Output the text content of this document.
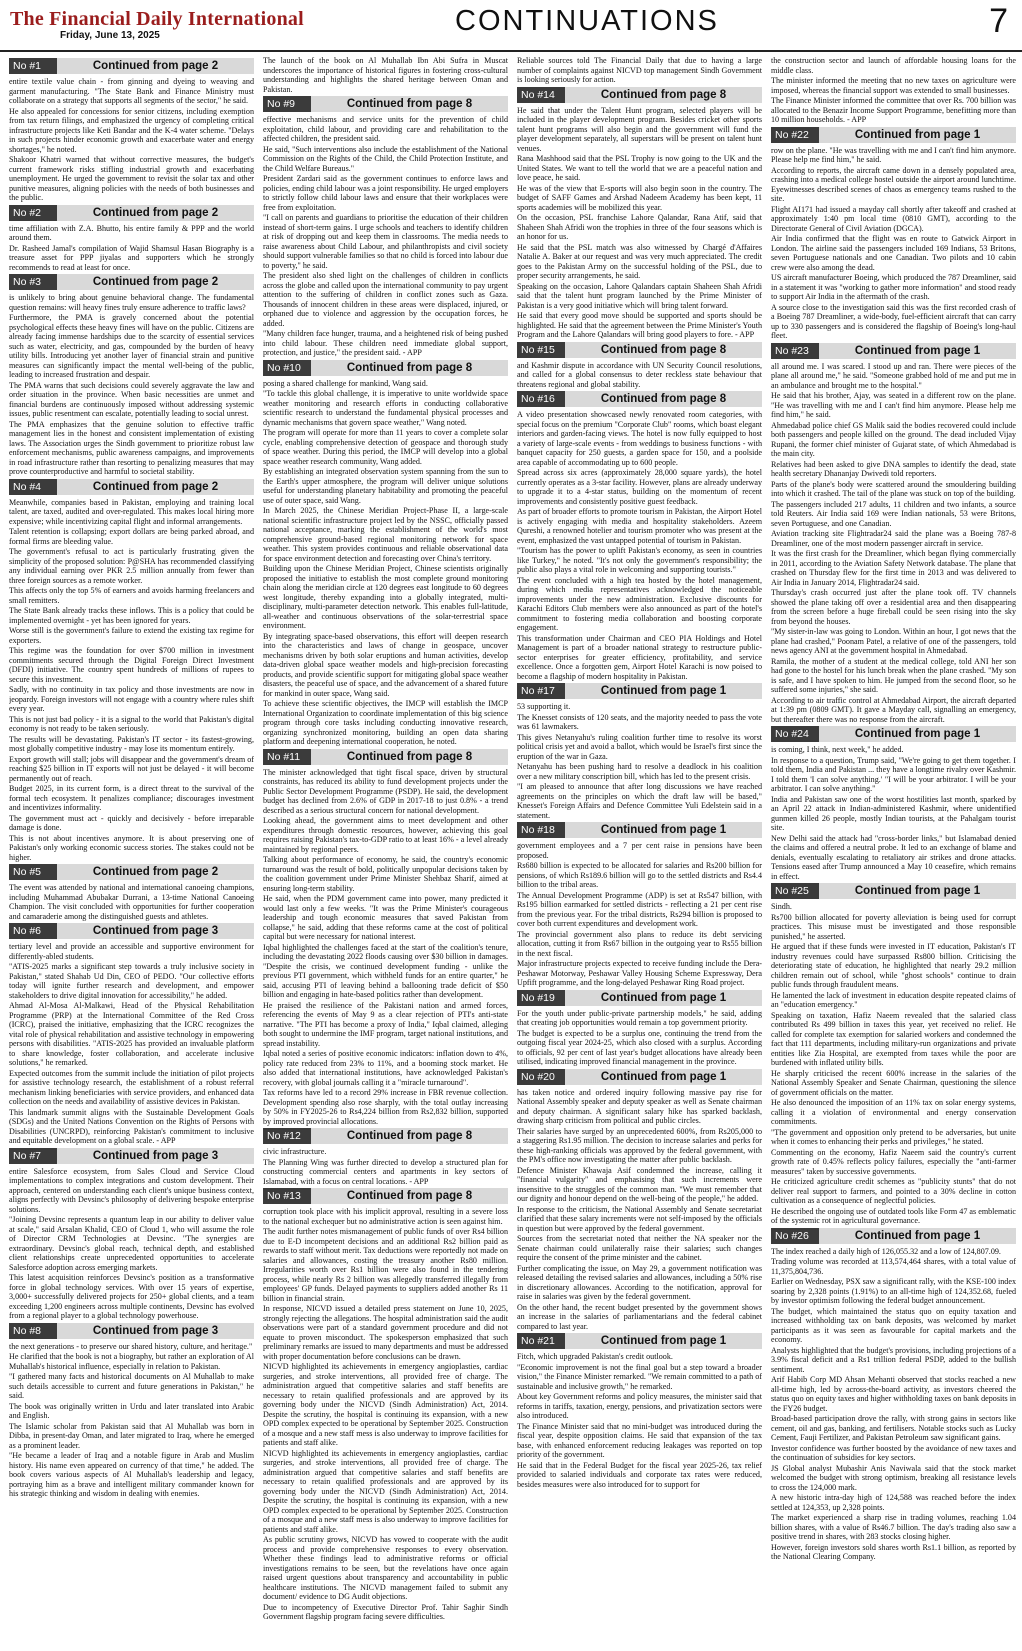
The Financial Daily International
Friday, June 13, 2025	CONTINUATIONS	7
No #1	Continued from page 2

entire textile value chain - from ginning and dyeing to weaving and garment manufacturing. "The State Bank and Finance Ministry must collaborate on a strategy that supports all segments of the sector," he said.

He also appealed for concessions for senior citizens, including exemption from tax return filings, and emphasized the urgency of completing critical infrastructure projects like Keti Bandar and the K-4 water scheme. "Delays in such projects hinder economic growth and exacerbate water and energy shortages," he noted.

Shakoor Khatri warned that without corrective measures, the budget's current framework risks stifling industrial growth and exacerbating unemployment. He urged the government to revisit the solar tax and other punitive measures, aligning policies with the needs of both businesses and the public.

No #2	Continued from page 2

time affiliation with Z.A. Bhutto, his entire family & PPP and the world around them.

Dr. Rasheed Jamal's compilation of Wajid Shamsul Hasan Biography is a treasure asset for PPP jiyalas and supporters which he strongly recommends to read at least for once.

No #3	Continued from page 2

is unlikely to bring about genuine behavioral change. The fundamental question remains: will heavy fines truly ensure adherence to traffic laws?

Furthermore, the PMA is gravely concerned about the potential psychological effects these heavy fines will have on the public. Citizens are already facing immense hardships due to the scarcity of essential services such as water, electricity, and gas, compounded by the burden of heavy utility bills. Introducing yet another layer of financial strain and punitive measures can significantly impact the mental well-being of the public, leading to increased frustration and despair.

The PMA warns that such decisions could severely aggravate the law and order situation in the province. When basic necessities are unmet and financial burdens are continuously imposed without addressing systemic issues, public resentment can escalate, potentially leading to social unrest.

The PMA emphasizes that the genuine solution to effective traffic management lies in the honest and consistent implementation of existing laws. The Association urges the Sindh government to prioritize robust law enforcement mechanisms, public awareness campaigns, and improvements in road infrastructure rather than resorting to penalizing measures that may prove counterproductive and harmful to societal stability.

No #4	Continued from page 2

Meanwhile, companies based in Pakistan, employing and training local talent, are taxed, audited and over-regulated. This makes local hiring more expensive; while incentivizing capital flight and informal arrangements.

Talent retention is collapsing; export dollars are being parked abroad, and formal firms are bleeding value.

The government's refusal to act is particularly frustrating given the simplicity of the proposed solution: P@SHA has recommended classifying any individual earning over PKR 2.5 million annually from fewer than three foreign sources as a remote worker.

This affects only the top 5% of earners and avoids harming freelancers and small remitters.

The State Bank already tracks these inflows. This is a policy that could be implemented overnight - yet has been ignored for years.

Worse still is the government's failure to extend the existing tax regime for exporters.

This regime was the foundation for over $700 million in investment commitments secured through the Digital Foreign Direct Investment (DFDI) initiative. The country spent hundreds of millions of rupees to secure this investment.

Sadly, with no continuity in tax policy and those investments are now in jeopardy. Foreign investors will not engage with a country where rules shift every year.

This is not just bad policy - it is a signal to the world that Pakistan's digital economy is not ready to be taken seriously.

The results will be devastating. Pakistan's IT sector - its fastest-growing, most globally competitive industry - may lose its momentum entirely.

Export growth will stall; jobs will disappear and the government's dream of reaching $25 billion in IT exports will not just be delayed - it will become permanently out of reach.

Budget 2025, in its current form, is a direct threat to the survival of the formal tech ecosystem. It penalizes compliance; discourages investment and incentivizes informality.

The government must act - quickly and decisively - before irreparable damage is done.

This is not about incentives anymore. It is about preserving one of Pakistan's only working economic success stories. The stakes could not be higher.

No #5	Continued from page 2

The event was attended by national and international canoeing champions, including Muhammad Abubakar Durrani, a 13-time National Canoeing Champion. The visit concluded with opportunities for further cooperation and camaraderie among the distinguished guests and athletes.

No #6	Continued from page 3

tertiary level and provide an accessible and supportive environment for differently-abled students.

"ATIS-2025 marks a significant step towards a truly inclusive society in Pakistan," stated Shahab Ud Din, CEO of PEDO. "Our collective efforts today will ignite further research and development, and empower stakeholders to drive digital innovation for accessibility," he added.

Ahmad Al-Mosa Al-Malkawi, Head of the Physical Rehabilitation Programme (PRP) at the International Committee of the Red Cross (ICRC), praised the initiative, emphasizing that the ICRC recognizes the vital role of physical rehabilitation and assistive technology in empowering persons with disabilities. "ATIS-2025 has provided an invaluable platform to share knowledge, foster collaboration, and accelerate inclusive solutions," he remarked.

Expected outcomes from the summit include the initiation of pilot projects for assistive technology research, the establishment of a robust referral mechanism linking beneficiaries with service providers, and enhanced data collection on the needs and availability of assistive devices in Pakistan.

This landmark summit aligns with the Sustainable Development Goals (SDGs) and the United Nations Convention on the Rights of Persons with Disabilities (UNCRPD), reinforcing Pakistan's commitment to inclusive and equitable development on a global scale. - APP

No #7	Continued from page 3

entire Salesforce ecosystem, from Sales Cloud and Service Cloud implementations to complex integrations and custom development. Their approach, centered on understanding each client's unique business context, aligns perfectly with Devsinc's philosophy of delivering bespoke enterprise solutions.

"Joining Devsinc represents a quantum leap in our ability to deliver value at scale," said Arsalan Khalid, CEO of Cloud 1, who will assume the role of Director CRM Technologies at Devsinc. "The synergies are extraordinary. Devsinc's global reach, technical depth, and established client relationships create unprecedented opportunities to accelerate Salesforce adoption across emerging markets.

This latest acquisition reinforces Devsinc's position as a transformative force in global technology services. With over 15 years of expertise, 3,000+ successfully delivered projects for 250+ global clients, and a team exceeding 1,200 engineers across multiple continents, Devsinc has evolved from a regional player to a global technology powerhouse.

No #8	Continued from page 3

the next generations - to preserve our shared history, culture, and heritage."

He clarified that the book is not a biography, but rather an exploration of Al Muhallab's historical influence, especially in relation to Pakistan.

"I gathered many facts and historical documents on Al Muhallab to make such details accessible to current and future generations in Pakistan," he said.

The book was originally written in Urdu and later translated into Arabic and English.

The Islamic scholar from Pakistan said that Al Muhallab was born in Dibba, in present-day Oman, and later migrated to Iraq, where he emerged as a prominent leader.

"He became a leader of Iraq and a notable figure in Arab and Muslim history. His name even appeared on currency of that time," he added. The book covers various aspects of Al Muhallab's leadership and legacy, portraying him as a brave and intelligent military commander known for his strategic thinking and wisdom in dealing with enemies.

The launch of the book on Al Muhallab Ibn Abi Sufra in Muscat underscores the importance of historical figures in fostering cross-cultural understanding and highlights the shared heritage between Oman and Pakistan.

No #9	Continued from page 8

effective mechanisms and service units for the prevention of child exploitation, child labour, and providing care and rehabilitation to the affected children, the president said.

He said, "Such interventions also include the establishment of the National Commission on the Rights of the Child, the Child Protection Institute, and the Child Welfare Bureaus."

President Zardari said as the government continues to enforce laws and policies, ending child labour was a joint responsibility. He urged employers to strictly follow child labour laws and ensure that their workplaces were free from exploitation.

"I call on parents and guardians to prioritise the education of their children instead of short-term gains. I urge schools and teachers to identify children at risk of dropping out and keep them in classrooms. The media needs to raise awareness about Child Labour, and philanthropists and civil society should support vulnerable families so that no child is forced into labour due to poverty," he said.

The president also shed light on the challenges of children in conflicts across the globe and called upon the international community to pay urgent attention to the suffering of children in conflict zones such as Gaza. Thousands of innocent children in these areas were displaced, injured, or orphaned due to violence and aggression by the occupation forces, he added.

"Many children face hunger, trauma, and a heightened risk of being pushed into child labour. These children need immediate global support, protection, and justice," the president said. - APP

No #10	Continued from page 8

posing a shared challenge for mankind, Wang said.

"To tackle this global challenge, it is imperative to unite worldwide space weather monitoring and research efforts in conducting collaborative scientific research to understand the fundamental physical processes and dynamic mechanisms that govern space weather," Wang noted.

The program will operate for more than 11 years to cover a complete solar cycle, enabling comprehensive detection of geospace and thorough study of space weather. During this period, the IMCP will develop into a global space weather research community, Wang added.

By establishing an integrated observation system spanning from the sun to the Earth's upper atmosphere, the program will deliver unique solutions useful for understanding planetary habitability and promoting the peaceful use of outer space, said Wang.

In March 2025, the Chinese Meridian Project-Phase II, a large-scale national scientific infrastructure project led by the NSSC, officially passed national acceptance, marking the establishment of the world's most comprehensive ground-based regional monitoring network for space weather. This system provides continuous and reliable observational data for space environment detection and forecasting over China's territory.

Building upon the Chinese Meridian Project, Chinese scientists originally proposed the initiative to establish the most complete ground monitoring chain along the meridian circle at 120 degrees east longitude to 60 degrees west longitude, thereby expanding into a globally integrated, multi-disciplinary, multi-parameter detection network. This enables full-latitude, all-weather and continuous observations of the solar-terrestrial space environment.

By integrating space-based observations, this effort will deepen research into the characteristics and laws of change in geospace, uncover mechanisms driven by both solar eruptions and human activities, develop data-driven global space weather models and high-precision forecasting products, and provide scientific support for mitigating global space weather disasters, the peaceful use of space, and the advancement of a shared future for mankind in outer space, Wang said.

To achieve these scientific objectives, the IMCP will establish the IMCP International Organization to coordinate implementation of this big science program through core tasks including conducting innovative research, organizing synchronized monitoring, building an open data sharing platform and deepening international cooperation, he noted.

No #11	Continued from page 8

The minister acknowledged that tight fiscal space, driven by structural constraints, has reduced its ability to fund development projects under the Public Sector Development Programme (PSDP). He said, the development budget has declined from 2.6% of GDP in 2017-18 to just 0.8% - a trend described as a serious structural concern for national development.

Looking ahead, the government aims to meet development and other expenditures through domestic resources, however, achieving this goal requires raising Pakistan's tax-to-GDP ratio to at least 16% - a level already maintained by regional peers.

Talking about performance of economy, he said, the country's economic turnaround was the result of bold, politically unpopular decisions taken by the coalition government under Prime Minister Shehbaz Sharif, aimed at ensuring long-term stability.

He said, when the PDM government came into power, many predicted it would last only a few weeks. "It was the Prime Minister's courageous leadership and tough economic measures that saved Pakistan from collapse," he said, adding that these reforms came at the cost of political capital but were necessary for national interest.

Iqbal highlighted the challenges faced at the start of the coalition's tenure, including the devastating 2022 floods causing over $30 billion in damages. "Despite the crisis, we continued development funding - unlike the previous PTI government, which withheld funds for an entire quarter," he said, accusing PTI of leaving behind a ballooning trade deficit of $50 billion and engaging in hate-based politics rather than development.

He praised the resilience of the Pakistani nation and armed forces, referencing the events of May 9 as a clear rejection of PTI's anti-state narrative. "The PTI has become a proxy of India," Iqbal claimed, alleging both sought to undermine the IMF program, target national institutions, and spread instability.

Iqbal noted a series of positive economic indicators: inflation down to 4%, policy rate reduced from 23% to 11%, and a booming stock market. He also added that international institutions, have acknowledged Pakistan's recovery, with global journals calling it a "miracle turnaround".

Tax reforms have led to a record 29% increase in FBR revenue collection. Development spending also rose sharply, with the total outlay increasing by 50% in FY2025-26 to Rs4,224 billion from Rs2,832 billion, supported by improved provincial allocations.

No #12	Continued from page 8

civic infrastructure.

The Planning Wing was further directed to develop a structured plan for constructing commercial centers and apartments in key sectors of Islamabad, with a focus on central locations. - APP

No #13	Continued from page 8

corruption took place with his implicit approval, resulting in a severe loss to the national exchequer but no administrative action is seen against him.

The audit further notes mismanagement of public funds of over Rs4 billion due to E-D incompetent decisions and an additional Rs2 billion paid as rewards to staff without merit. Tax deductions were reportedly not made on salaries and allowances, costing the treasury another Rs80 million. Irregularities worth over Rs1 billion were also found in the tendering process, while nearly Rs 2 billion was allegedly transferred illegally from employees' GP funds. Delayed payments to suppliers added another Rs 11 billion in financial strain.

In response, NICVD issued a detailed press statement on June 10, 2025, strongly rejecting the allegations. The hospital administration said the audit observations were part of a standard government procedure and did not equate to proven misconduct. The spokesperson emphasized that such preliminary remarks are issued to many departments and must be addressed with proper documentation before conclusions can be drawn.

NICVD highlighted its achievements in emergency angioplasties, cardiac surgeries, and stroke interventions, all provided free of charge. The administration argued that competitive salaries and staff benefits are necessary to retain qualified professionals and are approved by its governing body under the NICVD (Sindh Administration) Act, 2014. Despite the scrutiny, the hospital is continuing its expansion, with a new OPD complex expected to be operational by September 2025. Construction of a mosque and a new staff mess is also underway to improve facilities for patients and staff alike.

NICVD highlighted its achievements in emergency angioplasties, cardiac surgeries, and stroke interventions, all provided free of charge. The administration argued that competitive salaries and staff benefits are necessary to retain qualified professionals and are approved by its governing body under the NICVD (Sindh Administration) Act, 2014. Despite the scrutiny, the hospital is continuing its expansion, with a new OPD complex expected to be operational by September 2025. Construction of a mosque and a new staff mess is also underway to improve facilities for patients and staff alike.

As public scrutiny grows, NICVD has vowed to cooperate with the audit process and provide comprehensive responses to every observation. Whether these findings lead to administrative reforms or official investigations remains to be seen, but the revelations have once again raised urgent questions about transparency and accountability in public healthcare institutions. The NICVD management failed to submit any document/ evidence to DG Audit objections.

Due to incompetency of Executive Director Prof. Tahir Saghir Sindh Government flagship program facing severe difficulties.

Reliable sources told The Financial Daily that due to having a large number of complaints against NICVD top management Sindh Government is looking seriously for action.

No #14	Continued from page 8

He said that under the Talent Hunt program, selected players will be included in the player development program. Besides cricket other sports talent hunt programs will also begin and the government will fund the player development separately, all superstars will be present on talent hunt venues.

Rana Mashhood said that the PSL Trophy is now going to the UK and the United States. We want to tell the world that we are a peaceful nation and love peace, he said.

He was of the view that E-sports will also begin soon in the country. The budget of SAFF Games and Arshad Nadeem Academy has been kept, 11 sports academies will be mobilized this year.

On the occasion, PSL franchise Lahore Qalandar, Rana Atif, said that Shaheen Shah Afridi won the trophies in three of the four seasons which is an honor for us.

He said that the PSL match was also witnessed by Chargé d'Affaires Natalie A. Baker at our request and was very much appreciated. The credit goes to the Pakistan Army on the successful holding of the PSL, due to proper security arrangements, he said.

Speaking on the occasion, Lahore Qalandars captain Shaheen Shah Afridi said that the talent hunt program launched by the Prime Minister of Pakistan is a very good initiative which will bring talent forward.

He said that every good move should be supported and sports should be highlighted. He said that the agreement between the Prime Minister's Youth Program and the Lahore Qalandars will bring good players to fore. - APP

No #15	Continued from page 8

and Kashmir dispute in accordance with UN Security Council resolutions, and called for a global consensus to deter reckless state behaviour that threatens regional and global stability.

No #16	Continued from page 8

A video presentation showcased newly renovated room categories, with special focus on the premium "Corporate Club" rooms, which boast elegant interiors and garden-facing views. The hotel is now fully equipped to host a variety of large-scale events - from weddings to business functions - with banquet capacity for 250 guests, a garden space for 150, and a poolside area capable of accommodating up to 600 people.

Spread across six acres (approximately 28,000 square yards), the hotel currently operates as a 3-star facility. However, plans are already underway to upgrade it to a 4-star status, building on the momentum of recent improvements and consistently positive guest feedback.

As part of broader efforts to promote tourism in Pakistan, the Airport Hotel is actively engaging with media and hospitality stakeholders. Azeem Qureshi, a renowned hotelier and tourism promoter who was present at the event, emphasized the vast untapped potential of tourism in Pakistan.

"Tourism has the power to uplift Pakistan's economy, as seen in countries like Turkey," he noted. "It's not only the government's responsibility; the public also plays a vital role in welcoming and supporting tourists."

The event concluded with a high tea hosted by the hotel management, during which media representatives acknowledged the noticeable improvements under the new administration. Exclusive discounts for Karachi Editors Club members were also announced as part of the hotel's commitment to fostering media collaboration and boosting corporate engagement.

This transformation under Chairman and CEO PIA Holdings and Hotel Management is part of a broader national strategy to restructure public-sector enterprises for greater efficiency, profitability, and service excellence. Once a forgotten gem, Airport Hotel Karachi is now poised to become a flagship of modern hospitality in Pakistan.

No #17	Continued from page 1

53 supporting it.

The Knesset consists of 120 seats, and the majority needed to pass the vote was 61 lawmakers.

This gives Netanyahu's ruling coalition further time to resolve its worst political crisis yet and avoid a ballot, which would be Israel's first since the eruption of the war in Gaza.

Netanyahu has been pushing hard to resolve a deadlock in his coalition over a new military conscription bill, which has led to the present crisis.

"I am pleased to announce that after long discussions we have reached agreements on the principles on which the draft law will be based," Knesset's Foreign Affairs and Defence Committee Yuli Edelstein said in a statement.

No #18	Continued from page 1

government employees and a 7 per cent raise in pensions have been proposed.

Rs680 billion is expected to be allocated for salaries and Rs200 billion for pensions, of which Rs189.6 billion will go to the settled districts and Rs4.4 billion to the tribal areas.

The Annual Development Programme (ADP) is set at Rs547 billion, with Rs195 billion earmarked for settled districts - reflecting a 21 per cent rise from the previous year. For the tribal districts, Rs294 billion is proposed to cover both current expenditures and development work.

The provincial government also plans to reduce its debt servicing allocation, cutting it from Rs67 billion in the outgoing year to Rs55 billion in the next fiscal.

Major infrastructure projects expected to receive funding include the Dera-Peshawar Motorway, Peshawar Valley Housing Scheme Expressway, Dera Upfift programme, and the long-delayed Peshawar Ring Road project.

No #19	Continued from page 1

For the youth under public-private partnership models," he said, adding that creating job opportunities would remain a top government priority.

The budget is expected to be a surplus one, continuing the trend from the outgoing fiscal year 2024-25, which also closed with a surplus. According to officials, 92 per cent of last year's budget allocations have already been utilised, indicating improved financial management in the province.

No #20	Continued from page 1

has taken notice and ordered inquiry following massive pay rise for National Assembly speaker and deputy speaker as well as Senate chairman and deputy chairman. A significant salary hike has sparked backlash, drawing sharp criticism from political and public circles.

Their salaries have surged by an unprecedented 600%, from Rs205,000 to a staggering Rs1.95 million. The decision to increase salaries and perks for these high-ranking officials was approved by the federal government, with the PM's office now investigating the matter after public backlash.

Defence Minister Khawaja Asif condemned the increase, calling it "financial vulgarity" and emphasising that such increments were insensitive to the struggles of the common man. "We must remember that our dignity and honour depend on the well-being of the people," he added.

In response to the criticism, the National Assembly and Senate secretariat clarified that these salary increments were not self-imposed by the officials in question but were approved by the federal government.

Sources from the secretariat noted that neither the NA speaker nor the Senate chairman could unilaterally raise their salaries; such changes require the consent of the prime minister and the cabinet.

Further complicating the issue, on May 29, a government notification was released detailing the revised salaries and allowances, including a 50% rise in discretionary allowances. According to the notification, approval for raise in salaries was given by the federal government.

On the other hand, the recent budget presented by the government shows an increase in the salaries of parliamentarians and the federal cabinet compared to last year.

No #21	Continued from page 1

Fitch, which upgraded Pakistan's credit outlook.

"Economic improvement is not the final goal but a step toward a broader vision," the Finance Minister remarked. "We remain committed to a path of sustainable and inclusive growth," he remarked.

About key Government reforms and policy measures, the minister said that reforms in tariffs, taxation, energy, pensions, and privatization sectors were also introduced.

The Finance Minister said that no mini-budget was introduced during the fiscal year, despite opposition claims. He said that expansion of the tax base, with enhanced enforcement reducing leakages was reported on top priority of the government.

He said that in the Federal Budget for the fiscal year 2025-26, tax relief provided to salaried individuals and corporate tax rates were reduced, besides measures were also introduced for to support for

the construction sector and launch of affordable housing loans for the middle class.

The minister informed the meeting that no new taxes on agriculture were imposed, whereas the financial support was extended to small businesses.

The Finance Minister informed the committee that over Rs. 700 billion was allocated to the Benazir Income Support Programme, benefitting more than 10 million households. - APP

No #22	Continued from page 1

row on the plane. "He was travelling with me and I can't find him anymore. Please help me find him," he said.

According to reports, the aircraft came down in a densely populated area, crashing into a medical college hostel outside the airport around lunchtime. Eyewitnesses described scenes of chaos as emergency teams rushed to the site.

Flight AI171 had issued a mayday call shortly after takeoff and crashed at approximately 1:40 pm local time (0810 GMT), according to the Directorate General of Civil Aviation (DGCA).

Air India confirmed that the flight was en route to Gatwick Airport in London. The airline said the passengers included 169 Indians, 53 Britons, seven Portuguese nationals and one Canadian. Two pilots and 10 cabin crew were also among the dead.

US aircraft manufacturer Boeing, which produced the 787 Dreamliner, said in a statement it was "working to gather more information" and stood ready to support Air India in the aftermath of the crash.

A source close to the investigation said this was the first recorded crash of a Boeing 787 Dreamliner, a wide-body, fuel-efficient aircraft that can carry up to 330 passengers and is considered the flagship of Boeing's long-haul fleet.

No #23	Continued from page 1

all around me. I was scared. I stood up and ran. There were pieces of the plane all around me," he said. "Someone grabbed hold of me and put me in an ambulance and brought me to the hospital."

He said that his brother, Ajay, was seated in a different row on the plane. "He was travelling with me and I can't find him anymore. Please help me find him," he said.

Ahmedabad police chief GS Malik said the bodies recovered could include both passengers and people killed on the ground. The dead included Vijay Rupani, the former chief minister of Gujarat state, of which Ahmedabad is the main city.

Relatives had been asked to give DNA samples to identify the dead, state health secretary Dhananjay Dwivedi told reporters.

Parts of the plane's body were scattered around the smouldering building into which it crashed. The tail of the plane was stuck on top of the building.

The passengers included 217 adults, 11 children and two infants, a source told Reuters. Air India said 169 were Indian nationals, 53 were Britons, seven Portuguese, and one Canadian.

Aviation tracking site Flightradar24 said the plane was a Boeing 787-8 Dreamliner, one of the most modern passenger aircraft in service.

It was the first crash for the Dreamliner, which began flying commercially in 2011, according to the Aviation Safety Network database. The plane that crashed on Thursday flew for the first time in 2013 and was delivered to Air India in January 2014, Flightradar24 said.

Thursday's crash occurred just after the plane took off. TV channels showed the plane taking off over a residential area and then disappearing from the screen before a huge fireball could be seen rising into the sky from beyond the houses.

"My sister-in-law was going to London. Within an hour, I got news that the plane had crashed," Poonam Patel, a relative of one of the passengers, told news agency ANI at the government hospital in Ahmedabad.

Ramila, the mother of a student at the medical college, told ANI her son had gone to the hostel for his lunch break when the plane crashed. "My son is safe, and I have spoken to him. He jumped from the second floor, so he suffered some injuries," she said.

According to air traffic control at Ahmedabad Airport, the aircraft departed at 1:39 pm (0809 GMT). It gave a Mayday call, signalling an emergency, but thereafter there was no response from the aircraft.

No #24	Continued from page 1

is coming, I think, next week," he added.

In response to a question, Trump said, "We're going to get them together. I told them, India and Pakistan ... they have a longtime rivalry over Kashmir. I told them 'I can solve anything.' "I will be your arbitrator. I will be your arbitrator. I can solve anything."

India and Pakistan saw one of the worst hostilities last month, sparked by an April 22 attack in Indian-administered Kashmir, where unidentified gunmen killed 26 people, mostly Indian tourists, at the Pahalgam tourist site.

New Delhi said the attack had "cross-border links," but Islamabad denied the claims and offered a neutral probe. It led to an exchange of blame and denials, eventually escalating to retaliatory air strikes and drone attacks. Tensions eased after Trump announced a May 10 ceasefire, which remains in effect.

No #25	Continued from page 1

Sindh.

Rs700 billion allocated for poverty alleviation is being used for corrupt practices. This misuse must be investigated and those responsible punished," he asserted.

He argued that if these funds were invested in IT education, Pakistan's IT industry revenues could have surpassed Rs800 billion. Criticising the deteriorating state of education, he highlighted that nearly 29.2 million children remain out of school, while "ghost schools" continue to drain public funds through fraudulent means.

He lamented the lack of investment in education despite repeated claims of an "education emergency."

Speaking on taxation, Hafiz Naeem revealed that the salaried class contributed Rs 499 billion in taxes this year, yet received no relief. He called for complete tax exemption for salaried workers and condemned the fact that 111 departments, including military-run organizations and private entities like Zia Hospital, are exempted from taxes while the poor are burdened with inflated utility bills.

He sharply criticised the recent 600% increase in the salaries of the National Assembly Speaker and Senate Chairman, questioning the silence of government officials on the matter.

He also denounced the imposition of an 11% tax on solar energy systems, calling it a violation of environmental and energy conservation commitments.

"The government and opposition only pretend to be adversaries, but unite when it comes to enhancing their perks and privileges," he stated.

Commenting on the economy, Hafiz Naeem said the country's current growth rate of 0.45% reflects policy failures, especially the "anti-farmer measures" taken by successive governments.

He criticized agriculture credit schemes as "publicity stunts" that do not deliver real support to farmers, and pointed to a 30% decline in cotton cultivation as a consequence of neglectful policies.

He described the ongoing use of outdated tools like Form 47 as emblematic of the systemic rot in agricultural governance.

No #26	Continued from page 1

The index reached a daily high of 126,055.32 and a low of 124,807.09.

Trading volume was recorded at 113,574,464 shares, with a total value of 11,375,804,736.

Earlier on Wednesday, PSX saw a significant rally, with the KSE-100 index soaring by 2,328 points (1.91%) to an all-time high of 124,352.68, fueled by investor optimism following the federal budget announcement.

The budget, which maintained the status quo on equity taxation and increased withholding tax on bank deposits, was welcomed by market participants as it was seen as favourable for capital markets and the economy.

Analysts highlighted that the budget's provisions, including projections of a 3.9% fiscal deficit and a Rs1 trillion federal PSDP, added to the bullish sentiment.

Arif Habib Corp MD Ahsan Mehanti observed that stocks reached a new all-time high, led by across-the-board activity, as investors cheered the status quo on equity taxes and higher withholding taxes on bank deposits in the FY26 budget.

Broad-based participation drove the rally, with strong gains in sectors like cement, oil and gas, banking, and fertilisers. Notable stocks such as Lucky Cement, Fauji Fertilizer, and Pakistan Petroleum saw significant gains.

Investor confidence was further boosted by the avoidance of new taxes and the continuation of subsidies for key sectors.

JS Global analyst Mubashir Anis Naviwala said that the stock market welcomed the budget with strong optimism, breaking all resistance levels to cross the 124,000 mark.

A new historic intra-day high of 124,588 was reached before the index settled at 124,353, up 2,328 points.

The market experienced a sharp rise in trading volumes, reaching 1.04 billion shares, with a value of Rs46.7 billion. The day's trading also saw a positive trend in shares, with 283 stocks closing higher.

However, foreign investors sold shares worth Rs1.1 billion, as reported by the National Clearing Company.
